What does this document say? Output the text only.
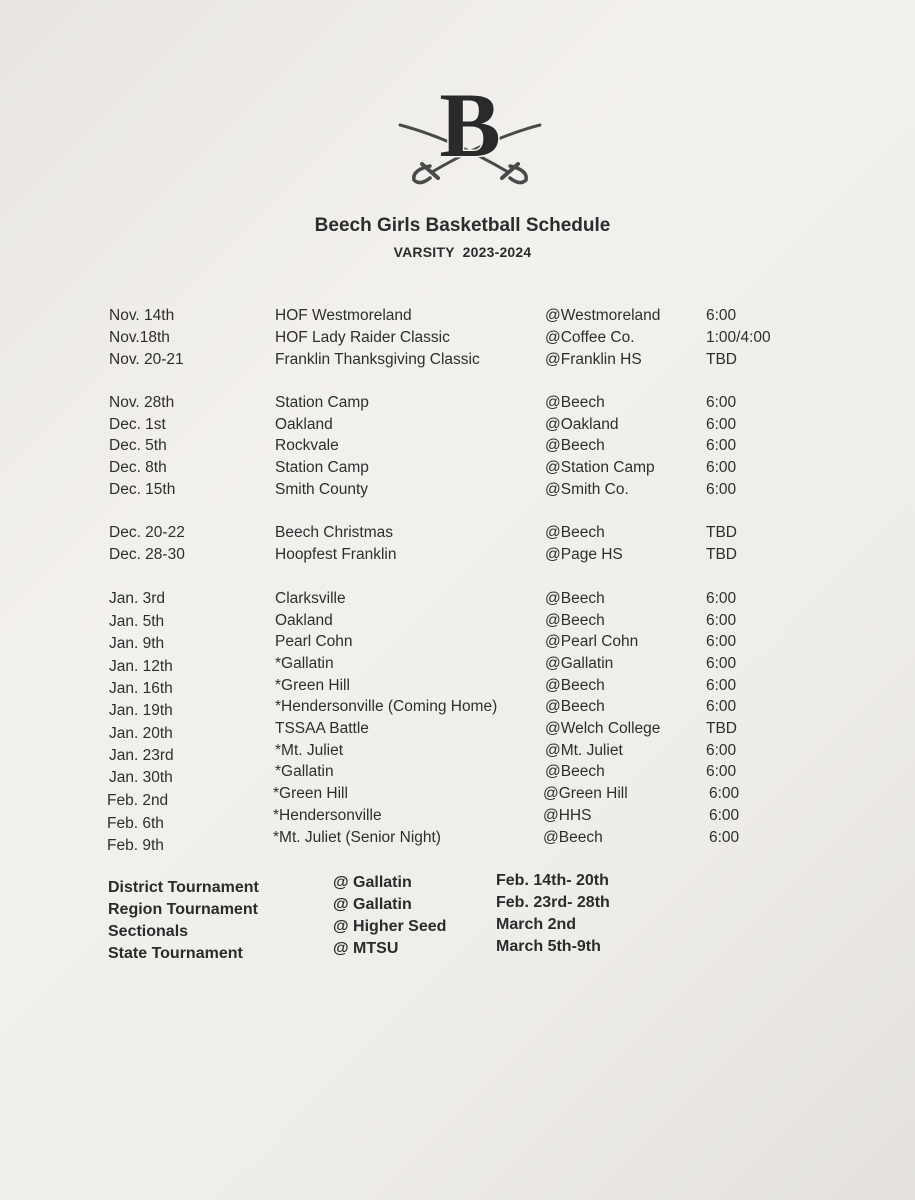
B
Beech Girls Basketball Schedule
VARSITY 2023-2024
Nov. 14th	HOF Westmoreland	@Westmoreland	6:00
Nov.18th	HOF Lady Raider Classic	@Coffee Co.	1:00/4:00
Nov. 20-21	Franklin Thanksgiving Classic	@Franklin HS	TBD
Nov. 28th	Station Camp	@Beech	6:00
Dec. 1st	Oakland	@Oakland	6:00
Dec. 5th	Rockvale	@Beech	6:00
Dec. 8th	Station Camp	@Station Camp	6:00
Dec. 15th	Smith County	@Smith Co.	6:00
Dec. 20-22	Beech Christmas	@Beech	TBD
Dec. 28-30	Hoopfest Franklin	@Page HS	TBD
Jan. 3rd	Clarksville	@Beech	6:00
Jan. 5th	Oakland	@Beech	6:00
Jan. 9th	Pearl Cohn	@Pearl Cohn	6:00
Jan. 12th	*Gallatin	@Gallatin	6:00
Jan. 16th	*Green Hill	@Beech	6:00
Jan. 19th	*Hendersonville (Coming Home)	@Beech	6:00
Jan. 20th	TSSAA Battle	@Welch College	TBD
Jan. 23rd	*Mt. Juliet	@Mt. Juliet	6:00
Jan. 30th	*Gallatin	@Beech	6:00
Feb. 2nd	*Green Hill	@Green Hill	6:00
Feb. 6th	*Hendersonville	@HHS	6:00
Feb. 9th	*Mt. Juliet (Senior Night)	@Beech	6:00
District Tournament	@ Gallatin	Feb. 14th- 20th
Region Tournament	@ Gallatin	Feb. 23rd- 28th
Sectionals	@ Higher Seed	March 2nd
State Tournament	@ MTSU	March 5th-9th
